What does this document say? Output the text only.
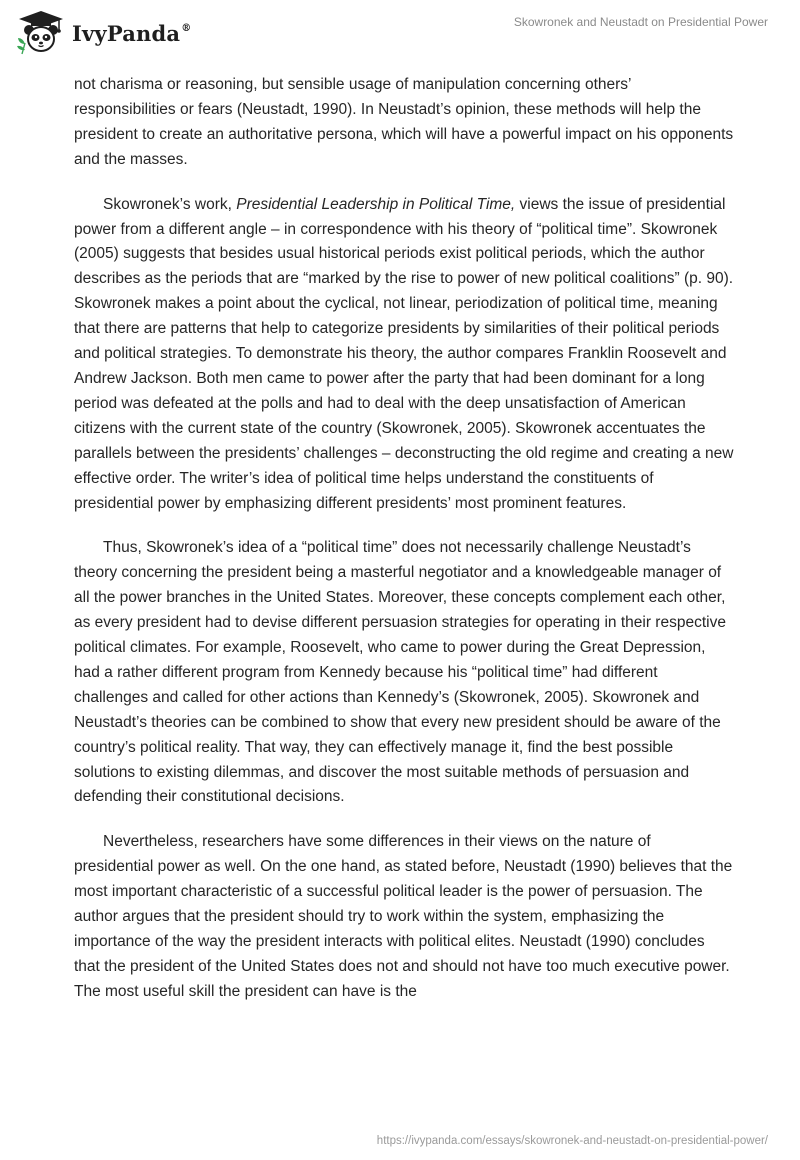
IvyPanda®	Skowronek and Neustadt on Presidential Power

not charisma or reasoning, but sensible usage of manipulation concerning others’ responsibilities or fears (Neustadt, 1990). In Neustadt’s opinion, these methods will help the president to create an authoritative persona, which will have a powerful impact on his opponents and the masses.

Skowronek’s work, Presidential Leadership in Political Time, views the issue of presidential power from a different angle – in correspondence with his theory of “political time”. Skowronek (2005) suggests that besides usual historical periods exist political periods, which the author describes as the periods that are “marked by the rise to power of new political coalitions” (p. 90). Skowronek makes a point about the cyclical, not linear, periodization of political time, meaning that there are patterns that help to categorize presidents by similarities of their political periods and political strategies. To demonstrate his theory, the author compares Franklin Roosevelt and Andrew Jackson. Both men came to power after the party that had been dominant for a long period was defeated at the polls and had to deal with the deep unsatisfaction of American citizens with the current state of the country (Skowronek, 2005). Skowronek accentuates the parallels between the presidents’ challenges – deconstructing the old regime and creating a new effective order. The writer’s idea of political time helps understand the constituents of presidential power by emphasizing different presidents’ most prominent features.

Thus, Skowronek’s idea of a “political time” does not necessarily challenge Neustadt’s theory concerning the president being a masterful negotiator and a knowledgeable manager of all the power branches in the United States. Moreover, these concepts complement each other, as every president had to devise different persuasion strategies for operating in their respective political climates. For example, Roosevelt, who came to power during the Great Depression, had a rather different program from Kennedy because his “political time” had different challenges and called for other actions than Kennedy’s (Skowronek, 2005). Skowronek and Neustadt’s theories can be combined to show that every new president should be aware of the country’s political reality. That way, they can effectively manage it, find the best possible solutions to existing dilemmas, and discover the most suitable methods of persuasion and defending their constitutional decisions.

Nevertheless, researchers have some differences in their views on the nature of presidential power as well. On the one hand, as stated before, Neustadt (1990) believes that the most important characteristic of a successful political leader is the power of persuasion. The author argues that the president should try to work within the system, emphasizing the importance of the way the president interacts with political elites. Neustadt (1990) concludes that the president of the United States does not and should not have too much executive power. The most useful skill the president can have is the

https://ivypanda.com/essays/skowronek-and-neustadt-on-presidential-power/
